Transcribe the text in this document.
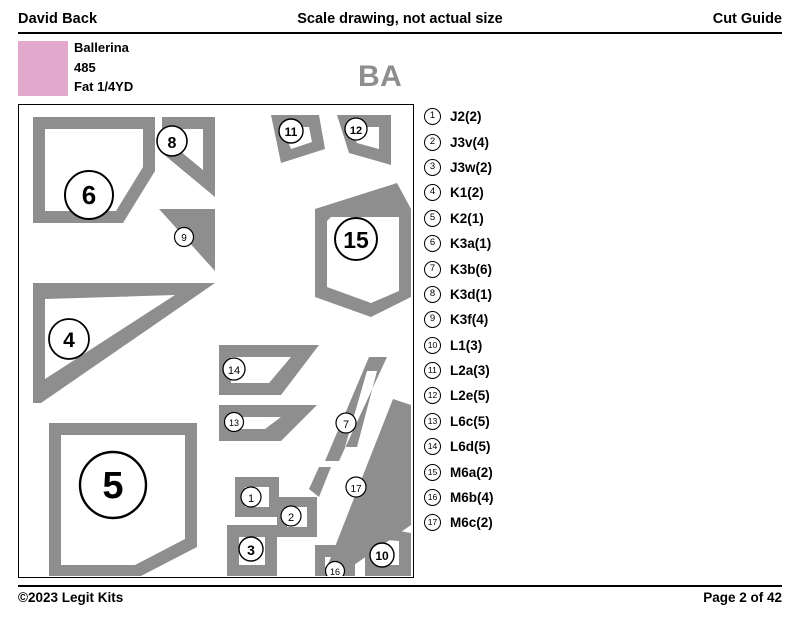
David Back	Scale drawing, not actual size	Cut Guide
Ballerina
485
Fat 1/4YD	BA
6
8
9
11	12
15
4
14
13	7
5	17
1
2
3	10
16
1	J2(2)
2	J3v(4)
3	J3w(2)
4	K1(2)
5	K2(1)
6	K3a(1)
7	K3b(6)
8	K3d(1)
9	K3f(4)
10 L1(3)
11 L2a(3)
12 L2e(5)
13 L6c(5)
14 L6d(5)
15 M6a(2)
16 M6b(4)
17 M6c(2)
©2023 Legit Kits	Page 2 of 42
